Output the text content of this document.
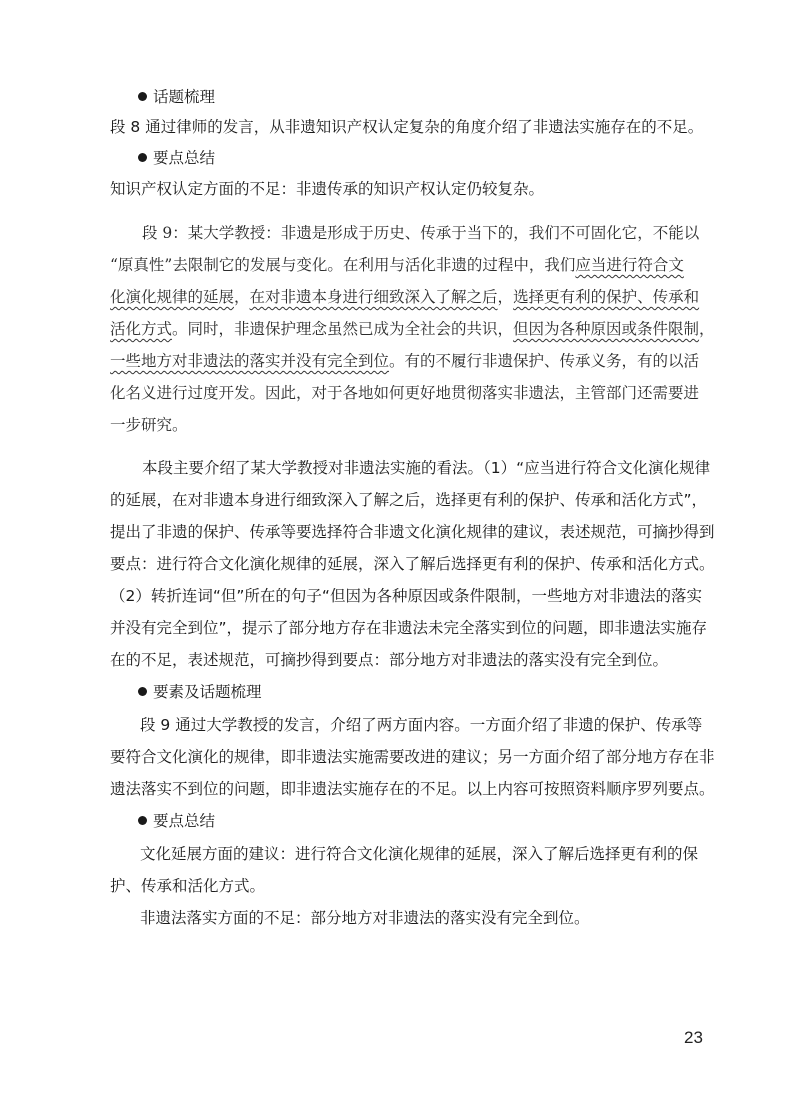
话题梳理
段 8 通过律师的发言，从非遗知识产权认定复杂的角度介绍了非遗法实施存在的不足。
要点总结
知识产权认定方面的不足：非遗传承的知识产权认定仍较复杂。
段 9：某大学教授：非遗是形成于历史、传承于当下的，我们不可固化它，不能以
“原真性”去限制它的发展与变化。在利用与活化非遗的过程中，我们应当进行符合文
化演化规律的延展，在对非遗本身进行细致深入了解之后，选择更有利的保护、传承和
活化方式。同时，非遗保护理念虽然已成为全社会的共识，但因为各种原因或条件限制，
一些地方对非遗法的落实并没有完全到位。有的不履行非遗保护、传承义务，有的以活
化名义进行过度开发。因此，对于各地如何更好地贯彻落实非遗法，主管部门还需要进
一步研究。
本段主要介绍了某大学教授对非遗法实施的看法。（1）“应当进行符合文化演化规律
的延展，在对非遗本身进行细致深入了解之后，选择更有利的保护、传承和活化方式”，
提出了非遗的保护、传承等要选择符合非遗文化演化规律的建议，表述规范，可摘抄得到
要点：进行符合文化演化规律的延展，深入了解后选择更有利的保护、传承和活化方式。
（2）转折连词“但”所在的句子“但因为各种原因或条件限制，一些地方对非遗法的落实
并没有完全到位”，提示了部分地方存在非遗法未完全落实到位的问题，即非遗法实施存
在的不足，表述规范，可摘抄得到要点：部分地方对非遗法的落实没有完全到位。
要素及话题梳理
段 9 通过大学教授的发言，介绍了两方面内容。一方面介绍了非遗的保护、传承等
要符合文化演化的规律，即非遗法实施需要改进的建议；另一方面介绍了部分地方存在非
遗法落实不到位的问题，即非遗法实施存在的不足。以上内容可按照资料顺序罗列要点。
要点总结
文化延展方面的建议：进行符合文化演化规律的延展，深入了解后选择更有利的保
护、传承和活化方式。
非遗法落实方面的不足：部分地方对非遗法的落实没有完全到位。
23
